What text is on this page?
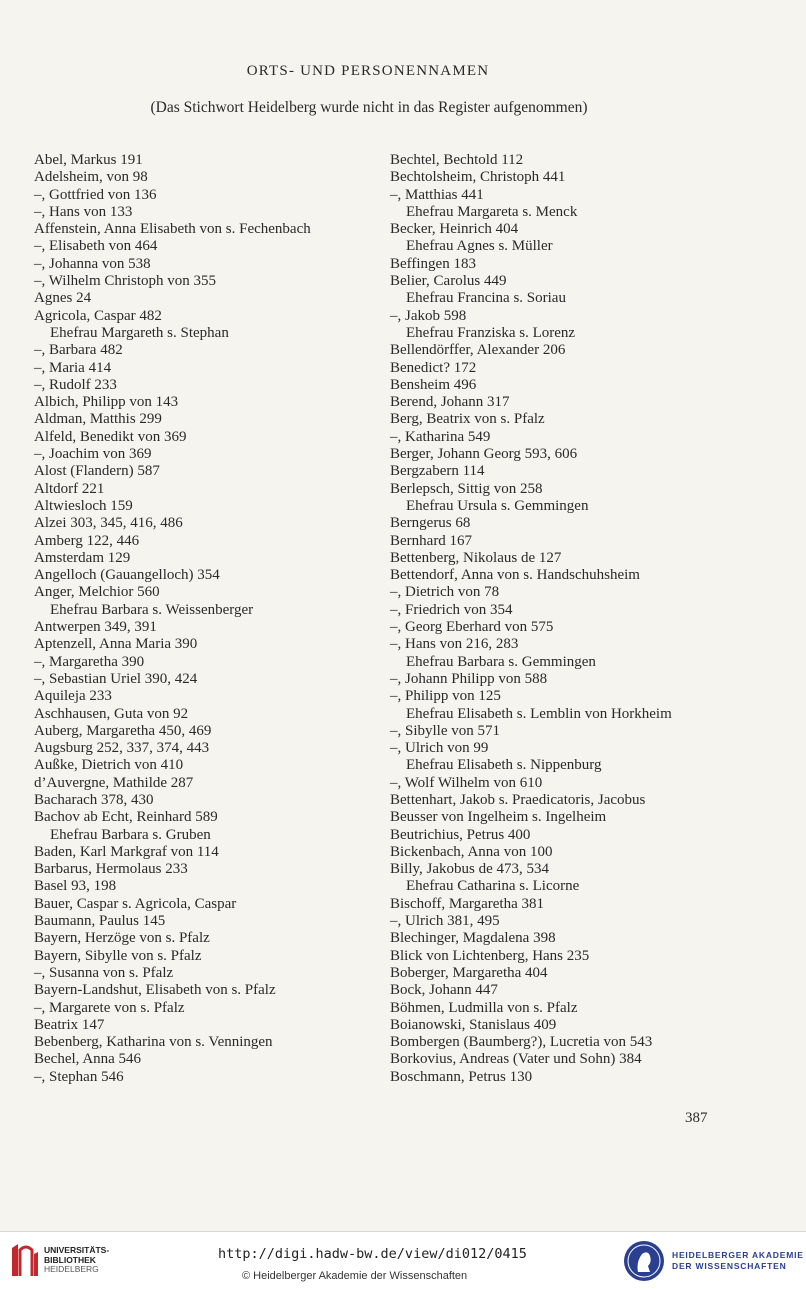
ORTS- UND PERSONENNAMEN
(Das Stichwort Heidelberg wurde nicht in das Register aufgenommen)
Abel, Markus 191
Adelsheim, von 98
–, Gottfried von 136
–, Hans von 133
Affenstein, Anna Elisabeth von s. Fechenbach
–, Elisabeth von 464
–, Johanna von 538
–, Wilhelm Christoph von 355
Agnes 24
Agricola, Caspar 482
Ehefrau Margareth s. Stephan
–, Barbara 482
–, Maria 414
–, Rudolf 233
Albich, Philipp von 143
Aldman, Matthis 299
Alfeld, Benedikt von 369
–, Joachim von 369
Alost (Flandern) 587
Altdorf 221
Altwiesloch 159
Alzei 303, 345, 416, 486
Amberg 122, 446
Amsterdam 129
Angelloch (Gauangelloch) 354
Anger, Melchior 560
Ehefrau Barbara s. Weissenberger
Antwerpen 349, 391
Aptenzell, Anna Maria 390
–, Margaretha 390
–, Sebastian Uriel 390, 424
Aquileja 233
Aschhausen, Guta von 92
Auberg, Margaretha 450, 469
Augsburg 252, 337, 374, 443
Außke, Dietrich von 410
d’Auvergne, Mathilde 287
Bacharach 378, 430
Bachov ab Echt, Reinhard 589
Ehefrau Barbara s. Gruben
Baden, Karl Markgraf von 114
Barbarus, Hermolaus 233
Basel 93, 198
Bauer, Caspar s. Agricola, Caspar
Baumann, Paulus 145
Bayern, Herzöge von s. Pfalz
Bayern, Sibylle von s. Pfalz
–, Susanna von s. Pfalz
Bayern-Landshut, Elisabeth von s. Pfalz
–, Margarete von s. Pfalz
Beatrix 147
Bebenberg, Katharina von s. Venningen
Bechel, Anna 546
–, Stephan 546
Bechtel, Bechtold 112
Bechtolsheim, Christoph 441
–, Matthias 441
Ehefrau Margareta s. Menck
Becker, Heinrich 404
Ehefrau Agnes s. Müller
Beffingen 183
Belier, Carolus 449
Ehefrau Francina s. Soriau
–, Jakob 598
Ehefrau Franziska s. Lorenz
Bellendörffer, Alexander 206
Benedict? 172
Bensheim 496
Berend, Johann 317
Berg, Beatrix von s. Pfalz
–, Katharina 549
Berger, Johann Georg 593, 606
Bergzabern 114
Berlepsch, Sittig von 258
Ehefrau Ursula s. Gemmingen
Berngerus 68
Bernhard 167
Bettenberg, Nikolaus de 127
Bettendorf, Anna von s. Handschuhsheim
–, Dietrich von 78
–, Friedrich von 354
–, Georg Eberhard von 575
–, Hans von 216, 283
Ehefrau Barbara s. Gemmingen
–, Johann Philipp von 588
–, Philipp von 125
Ehefrau Elisabeth s. Lemblin von Horkheim
–, Sibylle von 571
–, Ulrich von 99
Ehefrau Elisabeth s. Nippenburg
–, Wolf Wilhelm von 610
Bettenhart, Jakob s. Praedicatoris, Jacobus
Beusser von Ingelheim s. Ingelheim
Beutrichius, Petrus 400
Bickenbach, Anna von 100
Billy, Jakobus de 473, 534
Ehefrau Catharina s. Licorne
Bischoff, Margaretha 381
–, Ulrich 381, 495
Blechinger, Magdalena 398
Blick von Lichtenberg, Hans 235
Boberger, Margaretha 404
Bock, Johann 447
Böhmen, Ludmilla von s. Pfalz
Boianowski, Stanislaus 409
Bombergen (Baumberg?), Lucretia von 543
Borkovius, Andreas (Vater und Sohn) 384
Boschmann, Petrus 130
387
UNIVERSITÄTS-
BIBLIOTHEK
HEIDELBERG
http://digi.hadw-bw.de/view/di012/0415
© Heidelberger Akademie der Wissenschaften
HEIDELBERGER AKADEMIE
DER WISSENSCHAFTEN
